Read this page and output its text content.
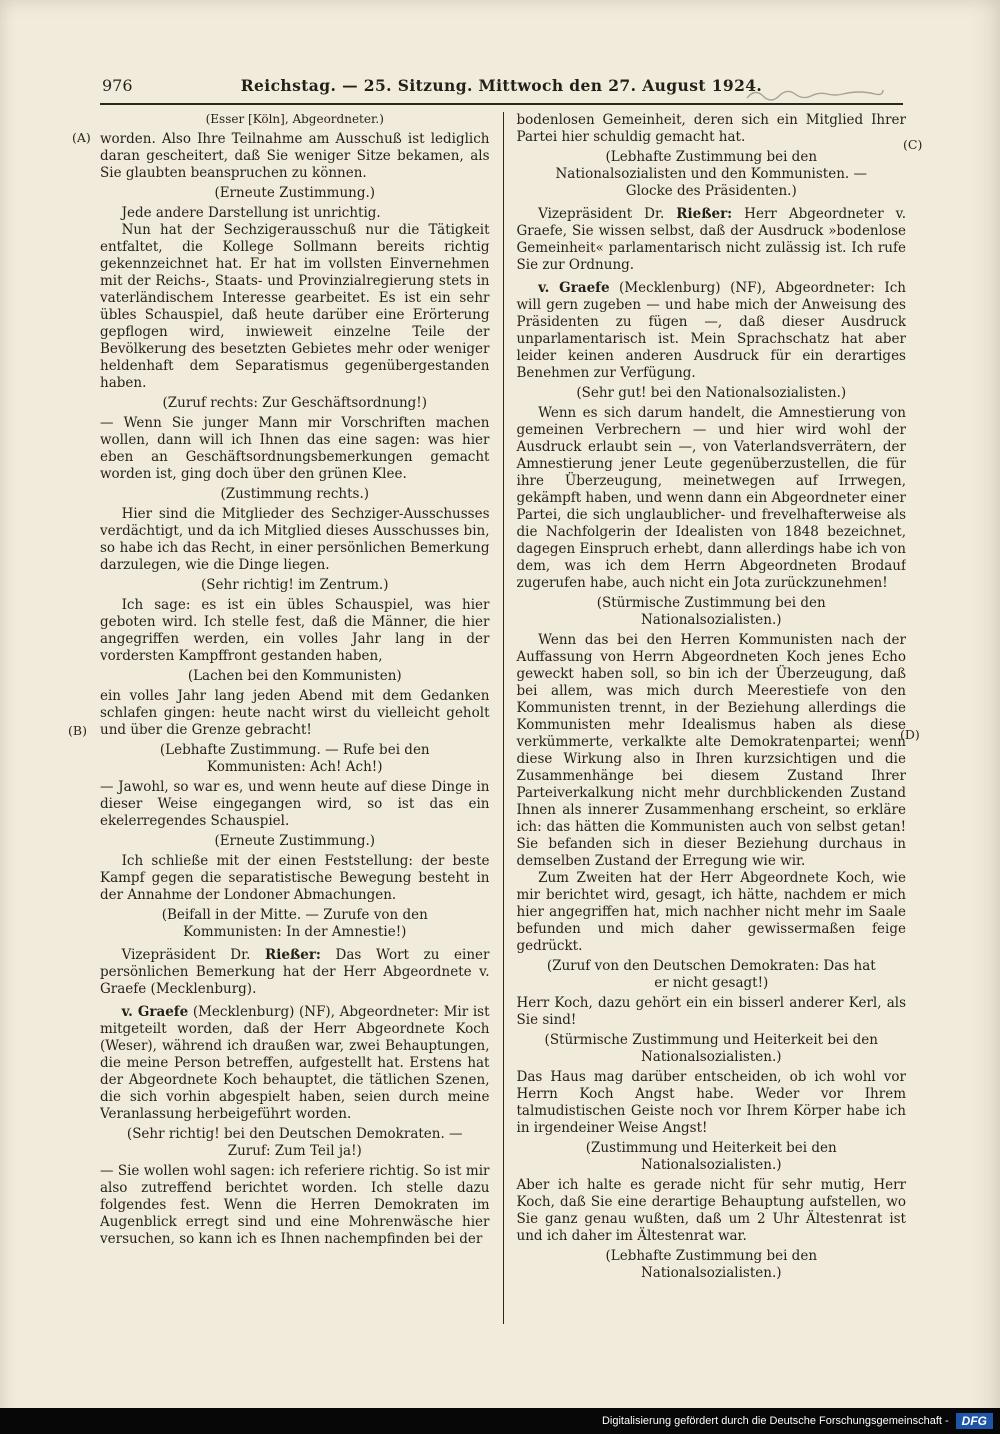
976	Reichstag. — 25. Sitzung. Mittwoch den 27. August 1924.
(A)
(B)
(C)
(D)

(Esser [Köln], Abgeordneter.)

worden. Also Ihre Teilnahme am Ausschuß ist lediglich daran gescheitert, daß Sie weniger Sitze bekamen, als Sie glaubten beanspruchen zu können.

(Erneute Zustimmung.)

Jede andere Darstellung ist unrichtig.

Nun hat der Sechzigerausschuß nur die Tätigkeit entfaltet, die Kollege Sollmann bereits richtig gekennzeichnet hat. Er hat im vollsten Einvernehmen mit der Reichs-, Staats- und Provinzialregierung stets in vaterländischem Interesse gearbeitet. Es ist ein sehr übles Schauspiel, daß heute darüber eine Erörterung gepflogen wird, inwieweit einzelne Teile der Bevölkerung des besetzten Gebietes mehr oder weniger heldenhaft dem Separatismus gegenübergestanden haben.

(Zuruf rechts: Zur Geschäftsordnung!)

— Wenn Sie junger Mann mir Vorschriften machen wollen, dann will ich Ihnen das eine sagen: was hier eben an Geschäftsordnungsbemerkungen gemacht worden ist, ging doch über den grünen Klee.

(Zustimmung rechts.)

Hier sind die Mitglieder des Sechziger-Ausschusses verdächtigt, und da ich Mitglied dieses Ausschusses bin, so habe ich das Recht, in einer persönlichen Bemerkung darzulegen, wie die Dinge liegen.

(Sehr richtig! im Zentrum.)

Ich sage: es ist ein übles Schauspiel, was hier geboten wird. Ich stelle fest, daß die Männer, die hier angegriffen werden, ein volles Jahr lang in der vordersten Kampffront gestanden haben,

(Lachen bei den Kommunisten)

ein volles Jahr lang jeden Abend mit dem Gedanken schlafen gingen: heute nacht wirst du vielleicht geholt und über die Grenze gebracht!

(Lebhafte Zustimmung. — Rufe bei den Kommunisten: Ach! Ach!)

— Jawohl, so war es, und wenn heute auf diese Dinge in dieser Weise eingegangen wird, so ist das ein ekelerregendes Schauspiel.

(Erneute Zustimmung.)

Ich schließe mit der einen Feststellung: der beste Kampf gegen die separatistische Bewegung besteht in der Annahme der Londoner Abmachungen.

(Beifall in der Mitte. — Zurufe von den Kommunisten: In der Amnestie!)

Vizepräsident Dr. Rießer: Das Wort zu einer persönlichen Bemerkung hat der Herr Abgeordnete v. Graefe (Mecklenburg).

v. Graefe (Mecklenburg) (NF), Abgeordneter: Mir ist mitgeteilt worden, daß der Herr Abgeordnete Koch (Weser), während ich draußen war, zwei Behauptungen, die meine Person betreffen, aufgestellt hat. Erstens hat der Abgeordnete Koch behauptet, die tätlichen Szenen, die sich vorhin abgespielt haben, seien durch meine Veranlassung herbeigeführt worden.

(Sehr richtig! bei den Deutschen Demokraten. — Zuruf: Zum Teil ja!)

— Sie wollen wohl sagen: ich referiere richtig. So ist mir also zutreffend berichtet worden. Ich stelle dazu folgendes fest. Wenn die Herren Demokraten im Augenblick erregt sind und eine Mohrenwäsche hier versuchen, so kann ich es Ihnen nachempfinden bei der

bodenlosen Gemeinheit, deren sich ein Mitglied Ihrer Partei hier schuldig gemacht hat.

(Lebhafte Zustimmung bei den Nationalsozialisten und den Kommunisten. — Glocke des Präsidenten.)

Vizepräsident Dr. Rießer: Herr Abgeordneter v. Graefe, Sie wissen selbst, daß der Ausdruck »bodenlose Gemeinheit« parlamentarisch nicht zulässig ist. Ich rufe Sie zur Ordnung.

v. Graefe (Mecklenburg) (NF), Abgeordneter: Ich will gern zugeben — und habe mich der Anweisung des Präsidenten zu fügen —, daß dieser Ausdruck unparlamentarisch ist. Mein Sprachschatz hat aber leider keinen anderen Ausdruck für ein derartiges Benehmen zur Verfügung.

(Sehr gut! bei den Nationalsozialisten.)

Wenn es sich darum handelt, die Amnestierung von gemeinen Verbrechern — und hier wird wohl der Ausdruck erlaubt sein —, von Vaterlandsverrätern, der Amnestierung jener Leute gegenüberzustellen, die für ihre Überzeugung, meinetwegen auf Irrwegen, gekämpft haben, und wenn dann ein Abgeordneter einer Partei, die sich unglaublicher- und frevelhafterweise als die Nachfolgerin der Idealisten von 1848 bezeichnet, dagegen Einspruch erhebt, dann allerdings habe ich von dem, was ich dem Herrn Abgeordneten Brodauf zugerufen habe, auch nicht ein Jota zurückzunehmen!

(Stürmische Zustimmung bei den Nationalsozialisten.)

Wenn das bei den Herren Kommunisten nach der Auffassung von Herrn Abgeordneten Koch jenes Echo geweckt haben soll, so bin ich der Überzeugung, daß bei allem, was mich durch Meerestiefe von den Kommunisten trennt, in der Beziehung allerdings die Kommunisten mehr Idealismus haben als diese verkümmerte, verkalkte alte Demokratenpartei; wenn diese Wirkung also in Ihren kurzsichtigen und die Zusammenhänge bei diesem Zustand Ihrer Parteiverkalkung nicht mehr durchblickenden Zustand Ihnen als innerer Zusammenhang erscheint, so erkläre ich: das hätten die Kommunisten auch von selbst getan! Sie befanden sich in dieser Beziehung durchaus in demselben Zustand der Erregung wie wir.

Zum Zweiten hat der Herr Abgeordnete Koch, wie mir berichtet wird, gesagt, ich hätte, nachdem er mich hier angegriffen hat, mich nachher nicht mehr im Saale befunden und mich daher gewissermaßen feige gedrückt.

(Zuruf von den Deutschen Demokraten: Das hat er nicht gesagt!)

Herr Koch, dazu gehört ein ein bisserl anderer Kerl, als Sie sind!

(Stürmische Zustimmung und Heiterkeit bei den Nationalsozialisten.)

Das Haus mag darüber entscheiden, ob ich wohl vor Herrn Koch Angst habe. Weder vor Ihrem talmudistischen Geiste noch vor Ihrem Körper habe ich in irgendeiner Weise Angst!

(Zustimmung und Heiterkeit bei den Nationalsozialisten.)

Aber ich halte es gerade nicht für sehr mutig, Herr Koch, daß Sie eine derartige Behauptung aufstellen, wo Sie ganz genau wußten, daß um 2 Uhr Ältestenrat ist und ich daher im Ältestenrat war.

(Lebhafte Zustimmung bei den Nationalsozialisten.)

Digitalisierung gefördert durch die Deutsche Forschungsgemeinschaft -	DFG
